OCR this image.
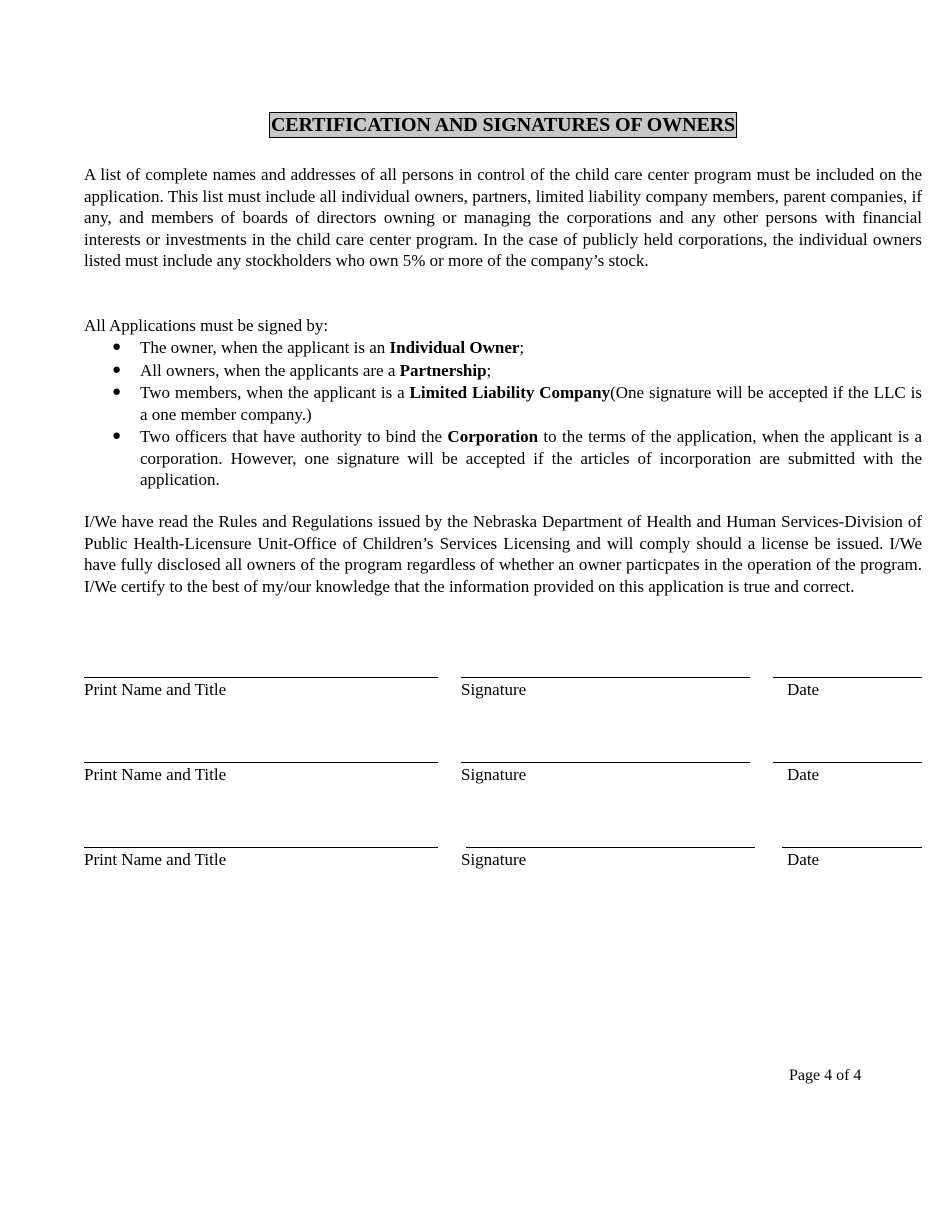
CERTIFICATION AND SIGNATURES OF OWNERS

A list of complete names and addresses of all persons in control of the child care center program must be included on the application. This list must include all individual owners, partners, limited liability company members, parent companies, if any, and members of boards of directors owning or managing the corporations and any other persons with financial interests or investments in the child care center program. In the case of publicly held corporations, the individual owners listed must include any stockholders who own 5% or more of the company’s stock.

All Applications must be signed by:

● The owner, when the applicant is an Individual Owner;
● All owners, when the applicants are a Partnership;
● Two members, when the applicant is a Limited Liability Company(One signature will be accepted if the LLC is a one member company.)
● Two officers that have authority to bind the Corporation to the terms of the application, when the applicant is a corporation. However, one signature will be accepted if the articles of incorporation are submitted with the application.

I/We have read the Rules and Regulations issued by the Nebraska Department of Health and Human Services-Division of Public Health-Licensure Unit-Office of Children’s Services Licensing and will comply should a license be issued. I/We have fully disclosed all owners of the program regardless of whether an owner particpates in the operation of the program. I/We certify to the best of my/our knowledge that the information provided on this application is true and correct.

Print Name and Title	Signature	Date
Print Name and Title	Signature	Date
Print Name and Title	Signature	Date
Page 4 of 4
